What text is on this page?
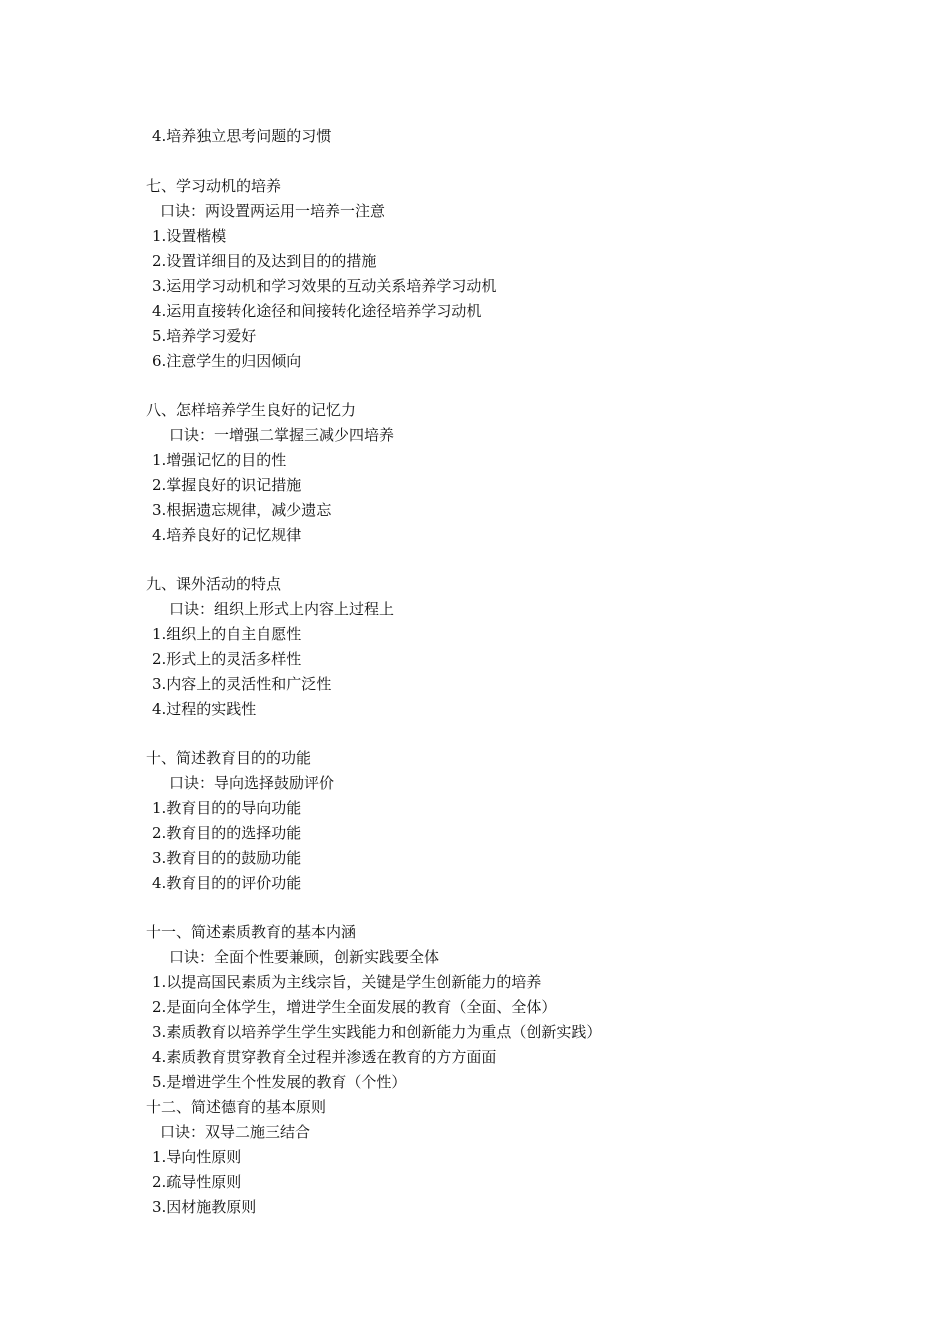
4.培养独立思考问题的习惯
七、学习动机的培养
口诀：两设置两运用一培养一注意
1.设置楷模
2.设置详细目的及达到目的的措施
3.运用学习动机和学习效果的互动关系培养学习动机
4.运用直接转化途径和间接转化途径培养学习动机
5.培养学习爱好
6.注意学生的归因倾向
八、怎样培养学生良好的记忆力
口诀：一增强二掌握三减少四培养
1.增强记忆的目的性
2.掌握良好的识记措施
3.根据遗忘规律，减少遗忘
4.培养良好的记忆规律
九、课外活动的特点
口诀：组织上形式上内容上过程上
1.组织上的自主自愿性
2.形式上的灵活多样性
3.内容上的灵活性和广泛性
4.过程的实践性
十、简述教育目的的功能
口诀：导向选择鼓励评价
1.教育目的的导向功能
2.教育目的的选择功能
3.教育目的的鼓励功能
4.教育目的的评价功能
十一、简述素质教育的基本内涵
口诀：全面个性要兼顾，创新实践要全体
1.以提高国民素质为主线宗旨，关键是学生创新能力的培养
2.是面向全体学生，增进学生全面发展的教育（全面、全体）
3.素质教育以培养学生学生实践能力和创新能力为重点（创新实践）
4.素质教育贯穿教育全过程并渗透在教育的方方面面
5.是增进学生个性发展的教育（个性）
十二、简述德育的基本原则
口诀：双导二施三结合
1.导向性原则
2.疏导性原则
3.因材施教原则
